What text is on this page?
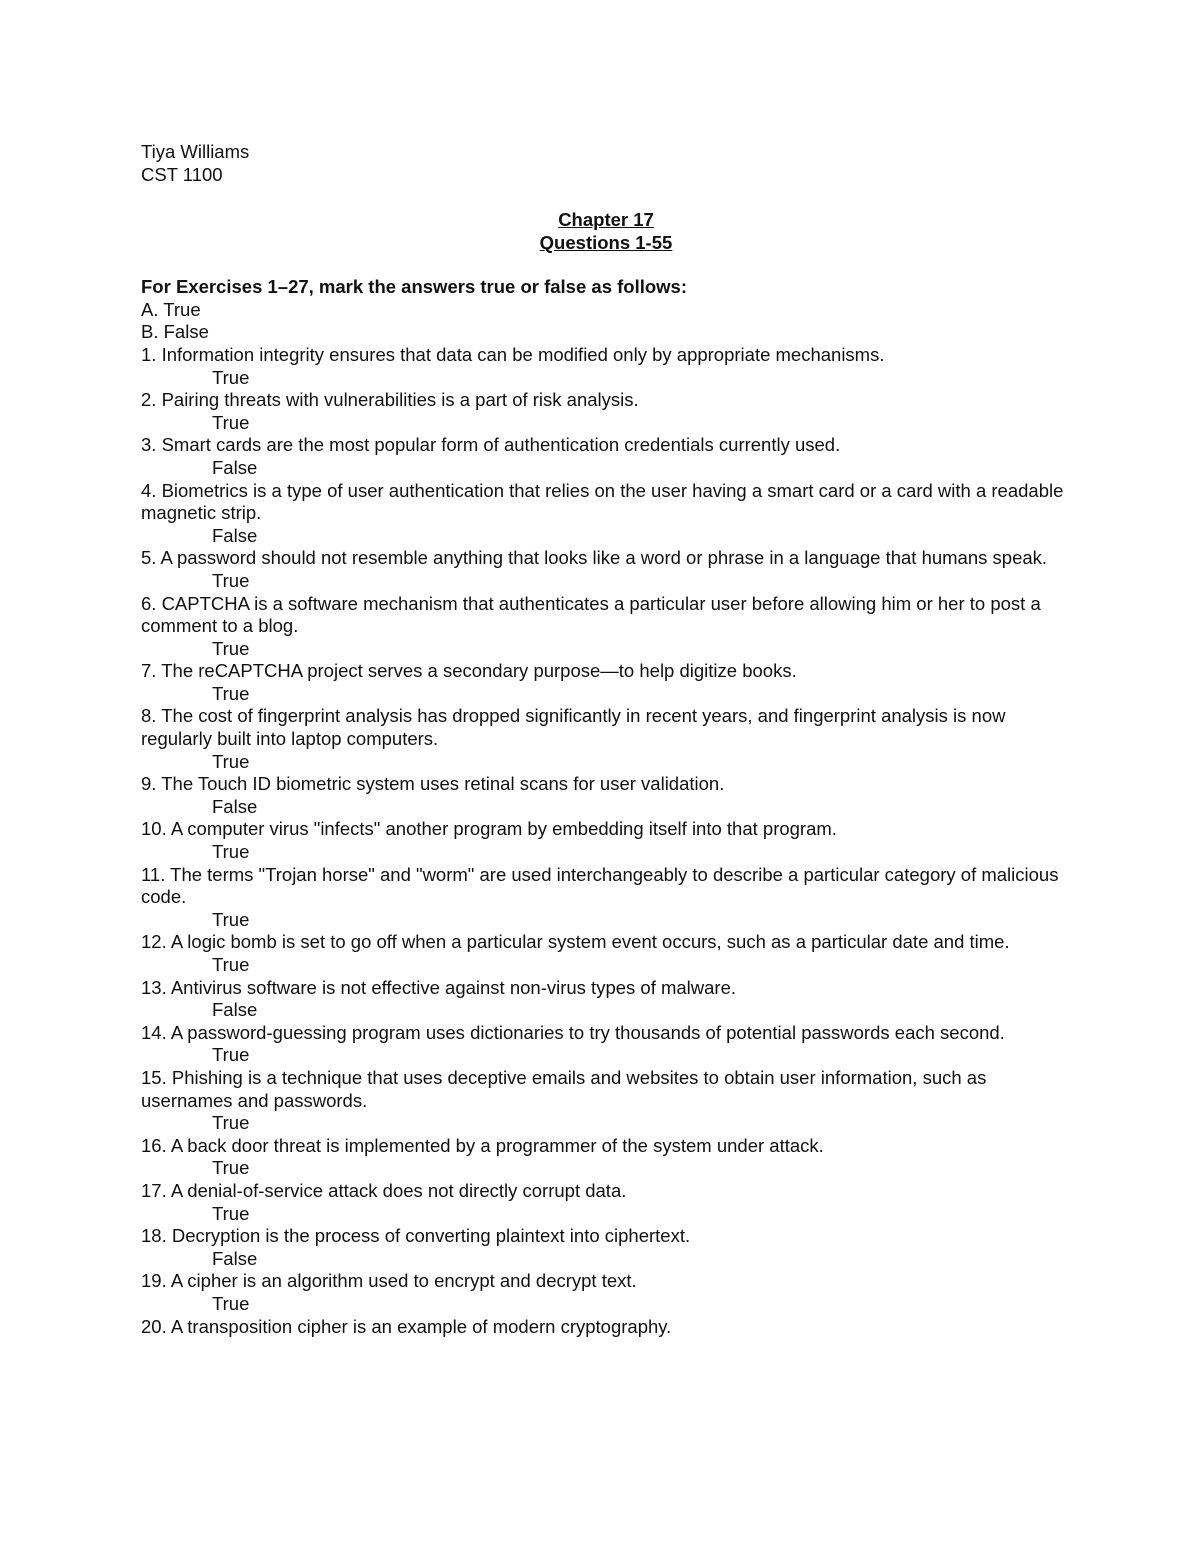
Tiya Williams
CST 1100
Chapter 17
Questions 1-55
For Exercises 1–27, mark the answers true or false as follows:
A. True
B. False
1. Information integrity ensures that data can be modified only by appropriate mechanisms.
True
2. Pairing threats with vulnerabilities is a part of risk analysis.
True
3. Smart cards are the most popular form of authentication credentials currently used.
False
4. Biometrics is a type of user authentication that relies on the user having a smart card or a card with a readable magnetic strip.
False
5. A password should not resemble anything that looks like a word or phrase in a language that humans speak.
True
6. CAPTCHA is a software mechanism that authenticates a particular user before allowing him or her to post a comment to a blog.
True
7. The reCAPTCHA project serves a secondary purpose—to help digitize books.
True
8. The cost of fingerprint analysis has dropped significantly in recent years, and fingerprint analysis is now regularly built into laptop computers.
True
9. The Touch ID biometric system uses retinal scans for user validation.
False
10. A computer virus "infects" another program by embedding itself into that program.
True
11. The terms "Trojan horse" and "worm" are used interchangeably to describe a particular category of malicious code.
True
12. A logic bomb is set to go off when a particular system event occurs, such as a particular date and time.
True
13. Antivirus software is not effective against non-virus types of malware.
False
14. A password-guessing program uses dictionaries to try thousands of potential passwords each second.
True
15. Phishing is a technique that uses deceptive emails and websites to obtain user information, such as usernames and passwords.
True
16. A back door threat is implemented by a programmer of the system under attack.
True
17. A denial-of-service attack does not directly corrupt data.
True
18. Decryption is the process of converting plaintext into ciphertext.
False
19. A cipher is an algorithm used to encrypt and decrypt text.
True
20. A transposition cipher is an example of modern cryptography.
